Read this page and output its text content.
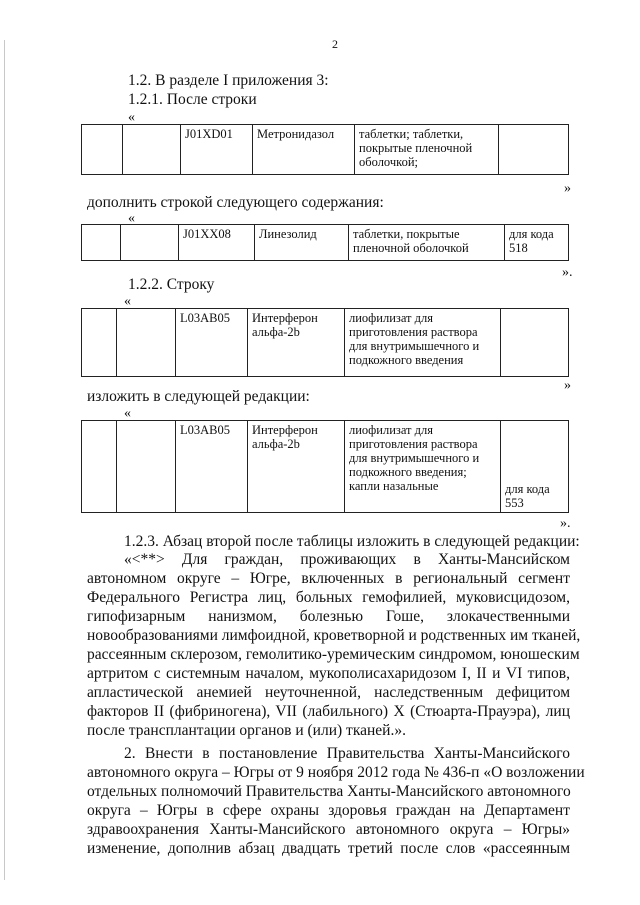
2
1.2. В разделе I приложения 3:
1.2.1. После строки
«
		J01XD01	Метронидазол	таблетки; таблетки, покрытые пленочной оболочкой;	
»
дополнить строкой следующего содержания:
«
		J01XX08	Линезолид	таблетки, покрытые пленочной оболочкой	для кода 518
».
1.2.2. Строку
«
		L03AB05	Интерферон альфа-2b	лиофилизат для приготовления раствора для внутримышечного и подкожного введения	
»
изложить в следующей редакции:
«
		L03AB05	Интерферон альфа-2b	лиофилизат для приготовления раствора для внутримышечного и подкожного введения; капли назальные	для кода 553
».
1.2.3. Абзац второй после таблицы изложить в следующей редакции:
«<**> Для граждан, проживающих в Ханты-Мансийском
автономном округе – Югре, включенных в региональный сегмент
Федерального Регистра лиц, больных гемофилией, муковисцидозом,
гипофизарным нанизмом, болезнью Гоше, злокачественными
новообразованиями лимфоидной, кроветворной и родственных им тканей,
рассеянным склерозом, гемолитико-уремическим синдромом, юношеским
артритом с системным началом, мукополисахаридозом I, II и VI типов,
апластической анемией неуточненной, наследственным дефицитом
факторов II (фибриногена), VII (лабильного) X (Стюарта-Прауэра), лиц
после трансплантации органов и (или) тканей.».
2. Внести в постановление Правительства Ханты-Мансийского
автономного округа – Югры от 9 ноября 2012 года № 436-п «О возложении
отдельных полномочий Правительства Ханты-Мансийского автономного
округа – Югры в сфере охраны здоровья граждан на Департамент
здравоохранения Ханты-Мансийского автономного округа – Югры»
изменение, дополнив абзац двадцать третий после слов «рассеянным
